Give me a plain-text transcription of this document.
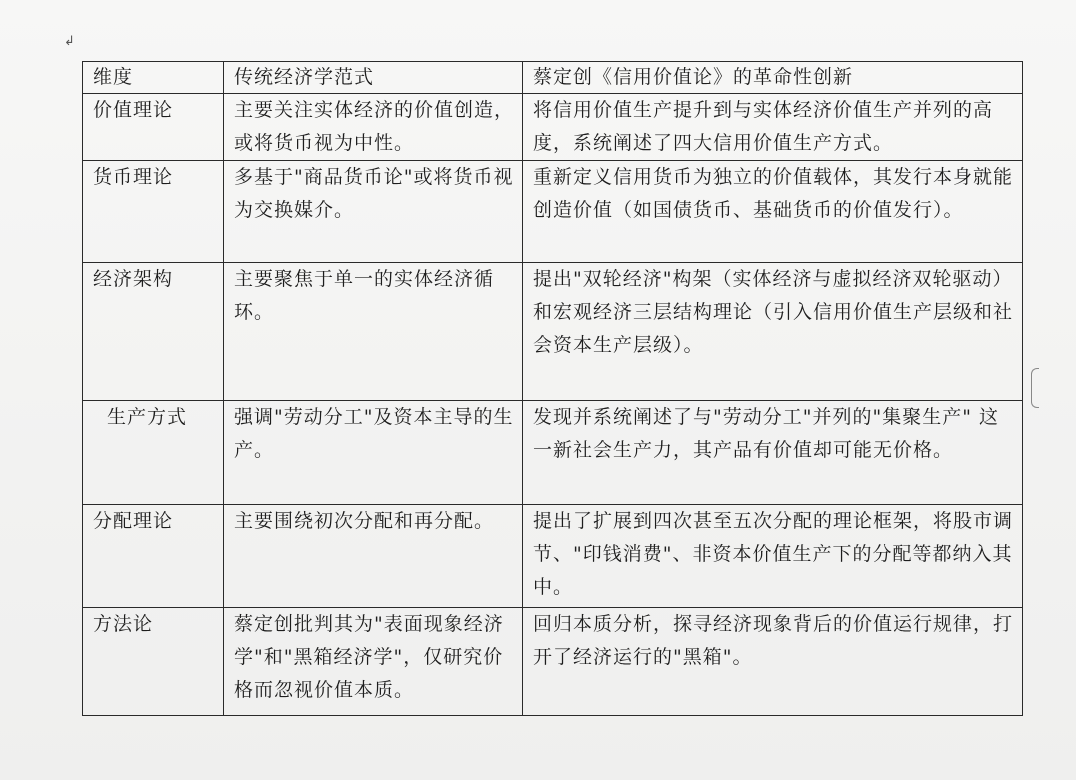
↲
维度	传统经济学范式	蔡定创《信用价值论》的革命性创新
价值理论	主要关注实体经济的价值创造，或将货币视为中性。	将信用价值生产提升到与实体经济价值生产并列的高度，系统阐述了四大信用价值生产方式。
货币理论	多基于"商品货币论"或将货币视为交换媒介。	重新定义信用货币为独立的价值载体，其发行本身就能创造价值（如国债货币、基础货币的价值发行）。
经济架构	主要聚焦于单一的实体经济循环。	提出"双轮经济"构架（实体经济与虚拟经济双轮驱动）和宏观经济三层结构理论（引入信用价值生产层级和社会资本生产层级）。
生产方式	强调"劳动分工"及资本主导的生产。	发现并系统阐述了与"劳动分工"并列的"集聚生产" 这一新社会生产力，其产品有价值却可能无价格。
分配理论	主要围绕初次分配和再分配。	提出了扩展到四次甚至五次分配的理论框架，将股市调节、"印钱消费"、非资本价值生产下的分配等都纳入其中。
方法论	蔡定创批判其为"表面现象经济学"和"黑箱经济学"，仅研究价格而忽视价值本质。	回归本质分析，探寻经济现象背后的价值运行规律，打开了经济运行的"黑箱"。
